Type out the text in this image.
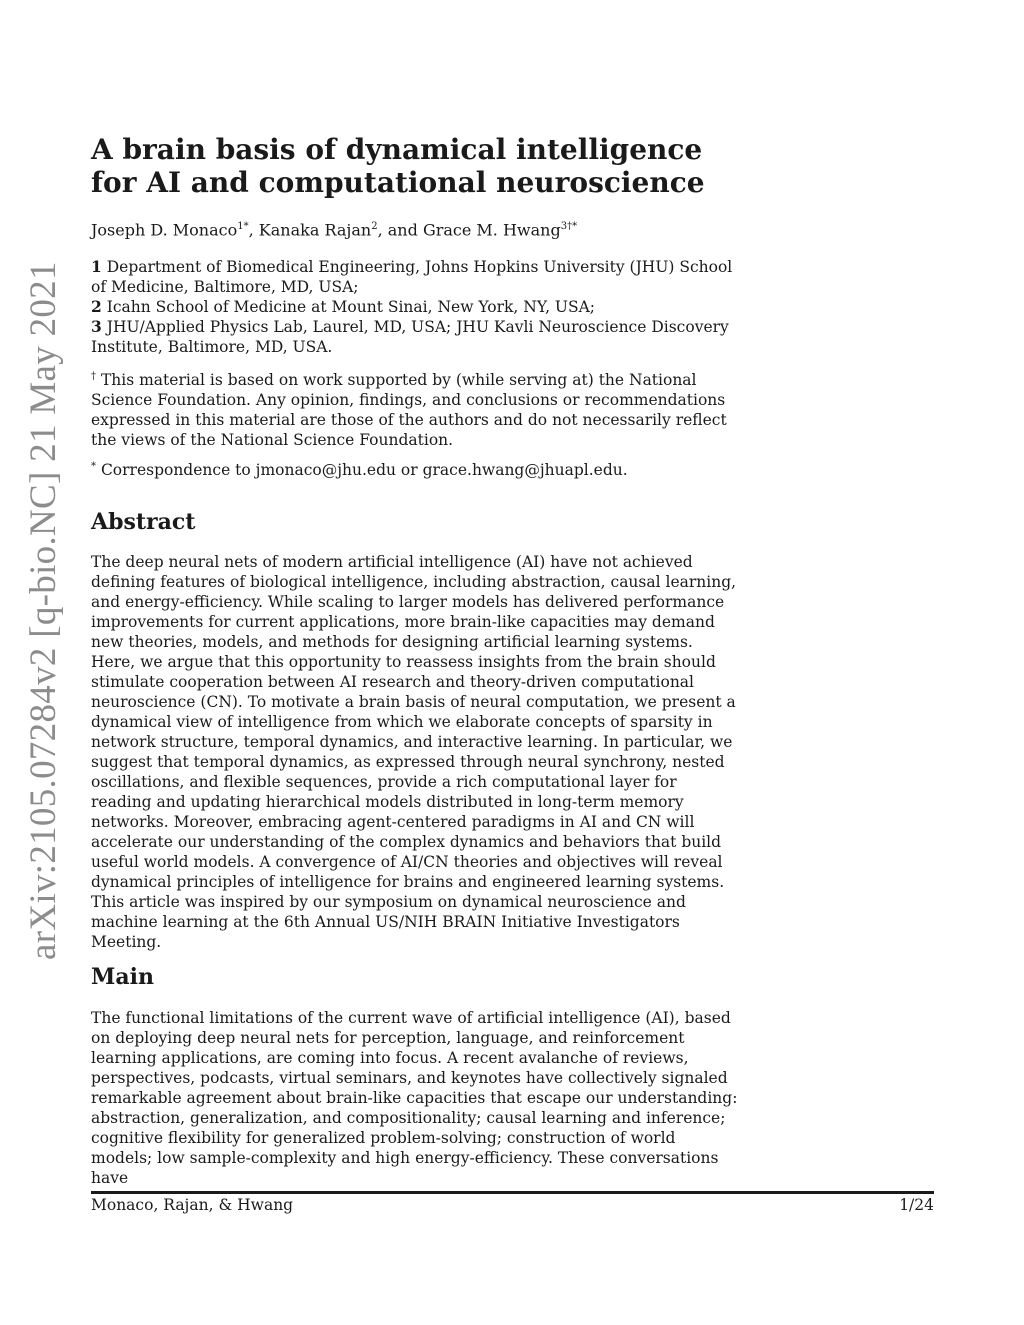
arXiv:2105.07284v2 [q-bio.NC] 21 May 2021
A brain basis of dynamical intelligence for AI and computational neuroscience

Joseph D. Monaco$^{1*}$, Kanaka Rajan$^2$, and Grace M. Hwang$^{3\dagger*}$

1 Department of Biomedical Engineering, Johns Hopkins University (JHU) School of Medicine, Baltimore, MD, USA;
2 Icahn School of Medicine at Mount Sinai, New York, NY, USA;
3 JHU/Applied Physics Lab, Laurel, MD, USA; JHU Kavli Neuroscience Discovery Institute, Baltimore, MD, USA.

† This material is based on work supported by (while serving at) the National Science Foundation. Any opinion, findings, and conclusions or recommendations expressed in this material are those of the authors and do not necessarily reflect the views of the National Science Foundation.

* Correspondence to jmonaco@jhu.edu or grace.hwang@jhuapl.edu.

Abstract

The deep neural nets of modern artificial intelligence (AI) have not achieved defining features of biological intelligence, including abstraction, causal learning, and energy-efficiency. While scaling to larger models has delivered performance improvements for current applications, more brain-like capacities may demand new theories, models, and methods for designing artificial learning systems. Here, we argue that this opportunity to reassess insights from the brain should stimulate cooperation between AI research and theory-driven computational neuroscience (CN). To motivate a brain basis of neural computation, we present a dynamical view of intelligence from which we elaborate concepts of sparsity in network structure, temporal dynamics, and interactive learning. In particular, we suggest that temporal dynamics, as expressed through neural synchrony, nested oscillations, and flexible sequences, provide a rich computational layer for reading and updating hierarchical models distributed in long-term memory networks. Moreover, embracing agent-centered paradigms in AI and CN will accelerate our understanding of the complex dynamics and behaviors that build useful world models. A convergence of AI/CN theories and objectives will reveal dynamical principles of intelligence for brains and engineered learning systems. This article was inspired by our symposium on dynamical neuroscience and machine learning at the 6th Annual US/NIH BRAIN Initiative Investigators Meeting.

Main

The functional limitations of the current wave of artificial intelligence (AI), based on deploying deep neural nets for perception, language, and reinforcement learning applications, are coming into focus. A recent avalanche of reviews, perspectives, podcasts, virtual seminars, and keynotes have collectively signaled remarkable agreement about brain-like capacities that escape our understanding: abstraction, generalization, and compositionality; causal learning and inference; cognitive flexibility for generalized problem-solving; construction of world models; low sample-complexity and high energy-efficiency. These conversations have

Monaco, Rajan, & Hwang	1/24
